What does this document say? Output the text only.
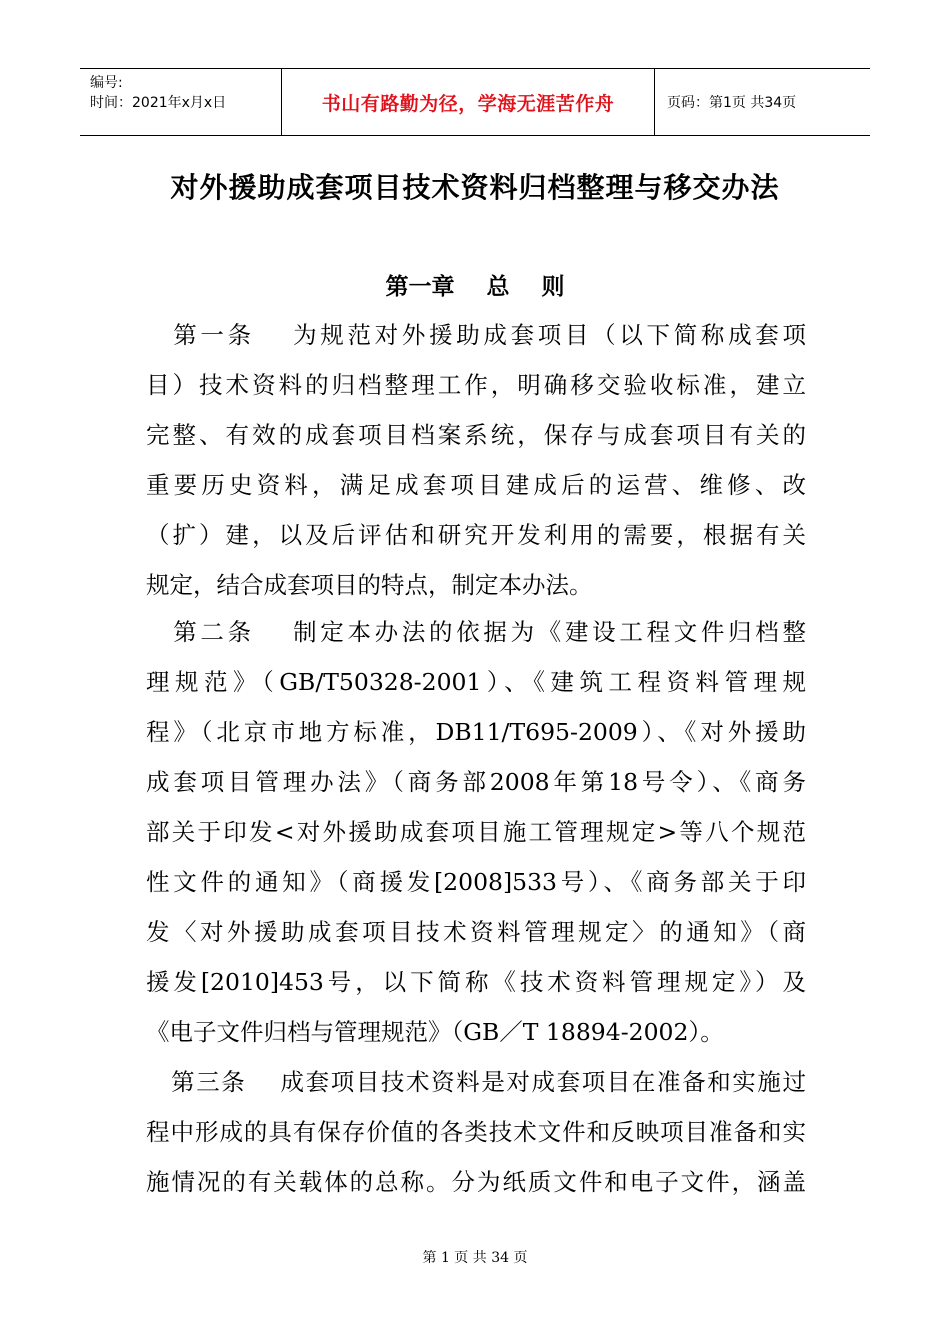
编号:
时间：2021年x月x日	书山有路勤为径，学海无涯苦作舟	页码：第1页 共34页
对外援助成套项目技术资料归档整理与移交办法
第一章    总    则
　第一条　 为规范对外援助成套项目（以下简称成套项
目）技术资料的归档整理工作，明确移交验收标准，建立
完整、有效的成套项目档案系统，保存与成套项目有关的
重要历史资料，满足成套项目建成后的运营、维修、改
（扩）建，以及后评估和研究开发利用的需要，根据有关
规定，结合成套项目的特点，制定本办法。
　第二条　 制定本办法的依据为《建设工程文件归档整
理规范》（GB/T50328-2001）、《建筑工程资料管理规
程》（北京市地方标准，DB11/T695-2009）、《对外援助
成套项目管理办法》（商务部2008年第18号令）、《商务
部关于印发<对外援助成套项目施工管理规定>等八个规范
性文件的通知》（商援发[2008]533号）、《商务部关于印
发〈对外援助成套项目技术资料管理规定〉的通知》（商
援发[2010]453号，以下简称《技术资料管理规定》）及
《电子文件归档与管理规范》（GB／T 18894-2002）。
　第三条　 成套项目技术资料是对成套项目在准备和实施过
程中形成的具有保存价值的各类技术文件和反映项目准备和实
施情况的有关载体的总称。分为纸质文件和电子文件，涵盖
第 1 页 共 34 页
